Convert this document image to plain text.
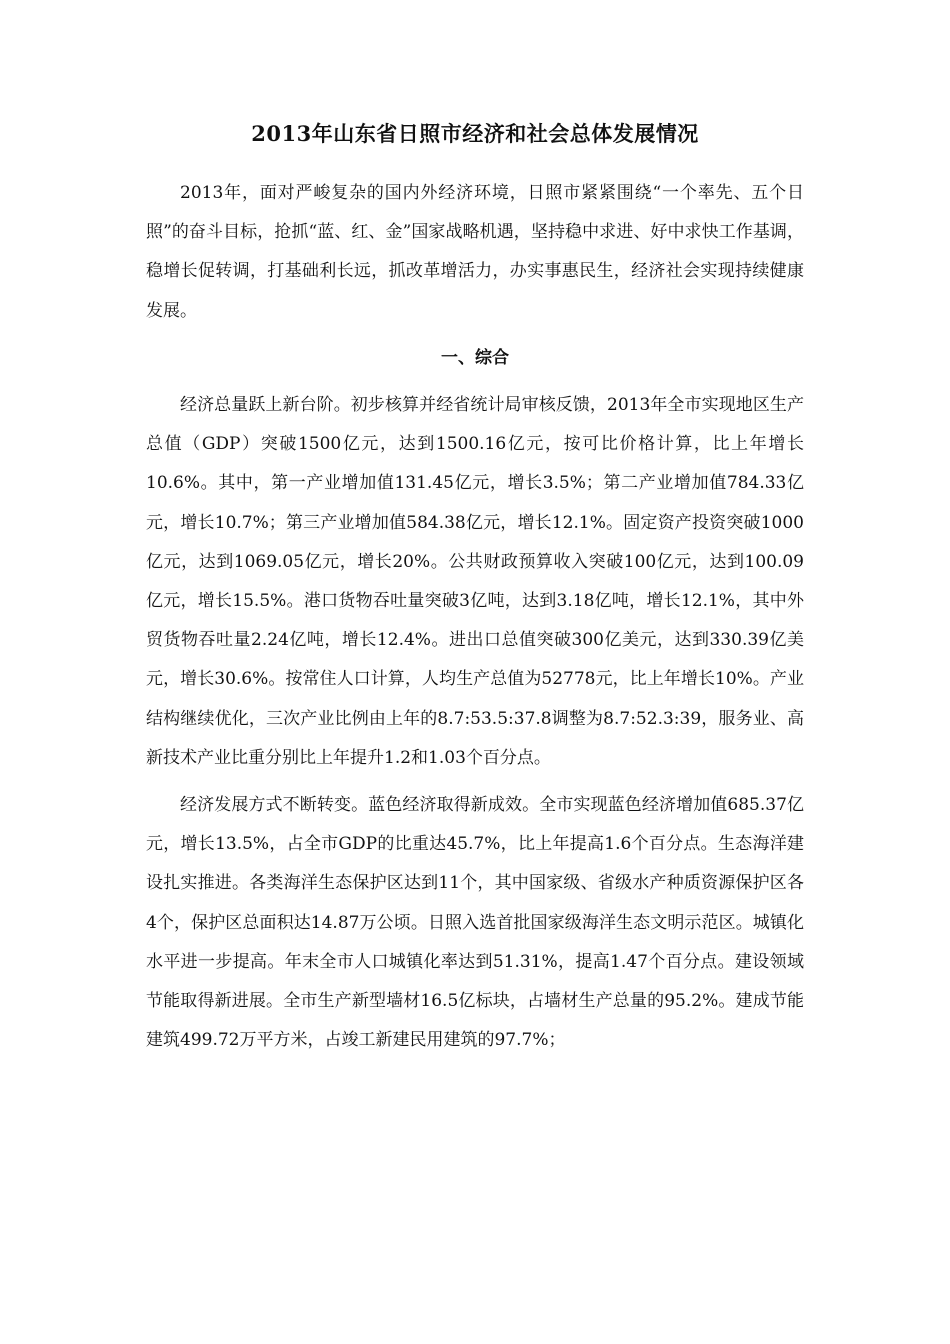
2013年山东省日照市经济和社会总体发展情况

2013年，面对严峻复杂的国内外经济环境，日照市紧紧围绕“一个率先、五个日照”的奋斗目标，抢抓“蓝、红、金”国家战略机遇，坚持稳中求进、好中求快工作基调，稳增长促转调，打基础利长远，抓改革增活力，办实事惠民生，经济社会实现持续健康发展。

一、综合

经济总量跃上新台阶。初步核算并经省统计局审核反馈，2013年全市实现地区生产总值（GDP）突破1500亿元，达到1500.16亿元，按可比价格计算，比上年增长10.6%。其中，第一产业增加值131.45亿元，增长3.5%；第二产业增加值784.33亿元，增长10.7%；第三产业增加值584.38亿元，增长12.1%。固定资产投资突破1000亿元，达到1069.05亿元，增长20%。公共财政预算收入突破100亿元，达到100.09亿元，增长15.5%。港口货物吞吐量突破3亿吨，达到3.18亿吨，增长12.1%，其中外贸货物吞吐量2.24亿吨，增长12.4%。进出口总值突破300亿美元，达到330.39亿美元，增长30.6%。按常住人口计算，人均生产总值为52778元，比上年增长10%。产业结构继续优化，三次产业比例由上年的8.7:53.5:37.8调整为8.7:52.3:39，服务业、高新技术产业比重分别比上年提升1.2和1.03个百分点。

经济发展方式不断转变。蓝色经济取得新成效。全市实现蓝色经济增加值685.37亿元，增长13.5%，占全市GDP的比重达45.7%，比上年提高1.6个百分点。生态海洋建设扎实推进。各类海洋生态保护区达到11个，其中国家级、省级水产种质资源保护区各4个，保护区总面积达14.87万公顷。日照入选首批国家级海洋生态文明示范区。城镇化水平进一步提高。年末全市人口城镇化率达到51.31%，提高1.47个百分点。建设领域节能取得新进展。全市生产新型墙材16.5亿标块，占墙材生产总量的95.2%。建成节能建筑499.72万平方米，占竣工新建民用建筑的97.7%；
